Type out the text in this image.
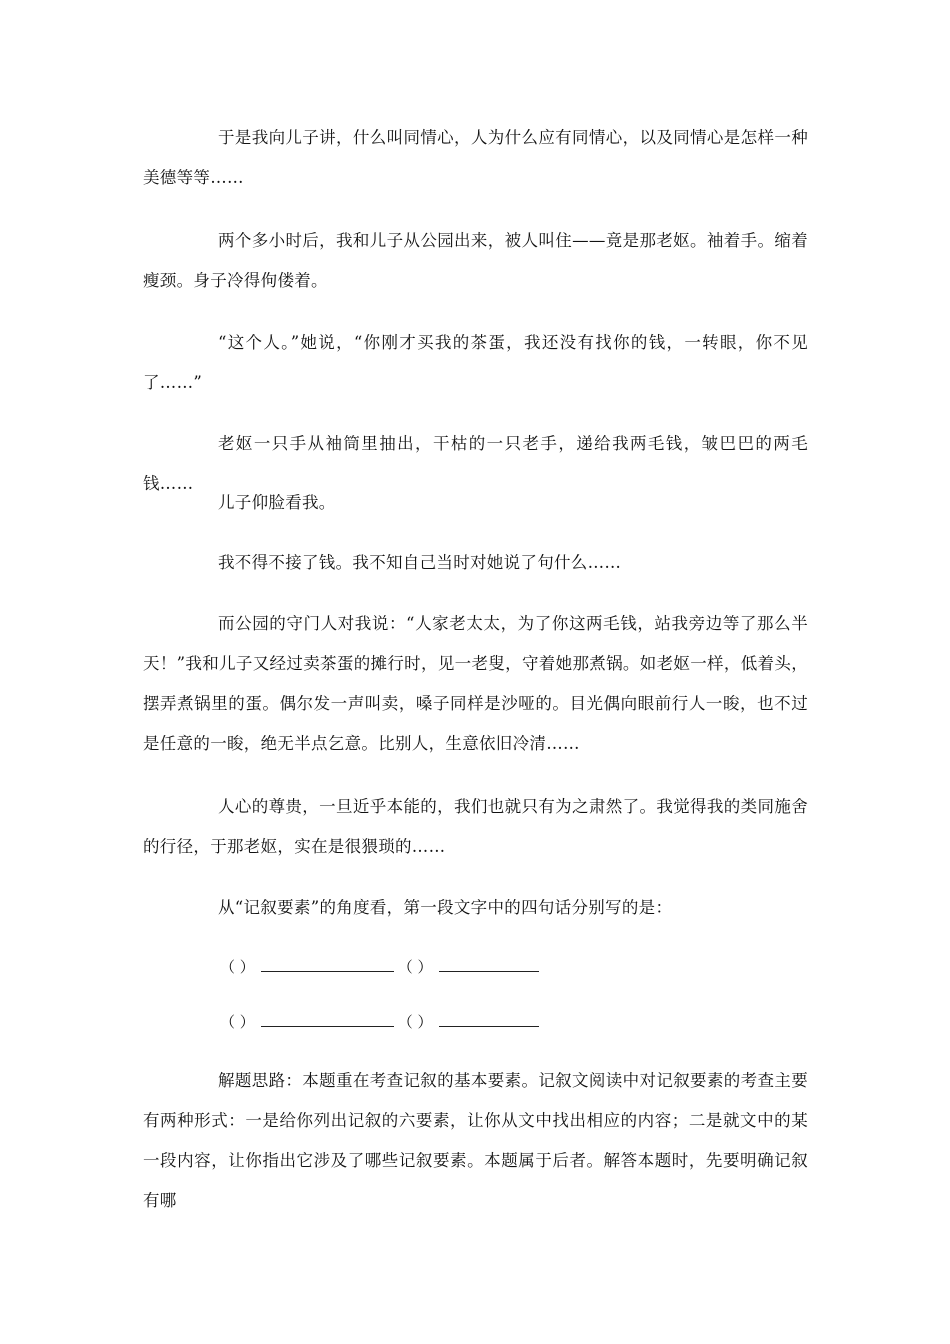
于是我向儿子讲，什么叫同情心，人为什么应有同情心，以及同情心是怎样一种美德等等……

两个多小时后，我和儿子从公园出来，被人叫住——竟是那老妪。袖着手。缩着瘦颈。身子冷得佝偻着。

“这个人。”她说，“你刚才买我的茶蛋，我还没有找你的钱，一转眼，你不见了……”

老妪一只手从袖筒里抽出，干枯的一只老手，递给我两毛钱，皱巴巴的两毛钱……

儿子仰脸看我。

我不得不接了钱。我不知自己当时对她说了句什么……

而公园的守门人对我说：“人家老太太，为了你这两毛钱，站我旁边等了那么半天！”我和儿子又经过卖茶蛋的摊行时，见一老叟，守着她那煮锅。如老妪一样，低着头，摆弄煮锅里的蛋。偶尔发一声叫卖，嗓子同样是沙哑的。目光偶向眼前行人一睃，也不过是任意的一睃，绝无半点乞意。比别人，生意依旧冷清……

人心的尊贵，一旦近乎本能的，我们也就只有为之肃然了。我觉得我的类同施舍的行径，于那老妪，实在是很猥琐的……

从“记叙要素”的角度看，第一段文字中的四句话分别写的是：

（ ）	（ ）
（ ）	（ ）

解题思路：本题重在考查记叙的基本要素。记叙文阅读中对记叙要素的考查主要有两种形式：一是给你列出记叙的六要素，让你从文中找出相应的内容；二是就文中的某一段内容，让你指出它涉及了哪些记叙要素。本题属于后者。解答本题时，先要明确记叙有哪
